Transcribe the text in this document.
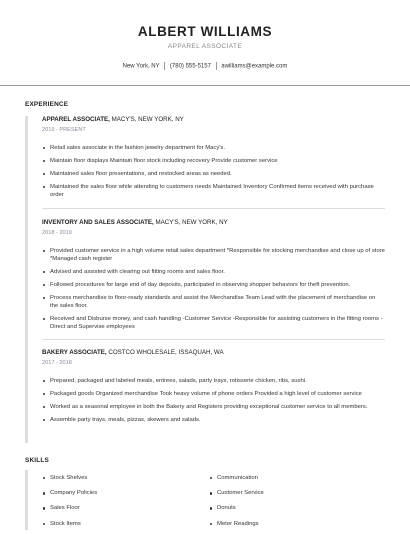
ALBERT WILLIAMS
APPAREL ASSOCIATE
New York, NY (780) 555-5157 awilliams@example.com
EXPERIENCE
APPAREL ASSOCIATE, MACY'S, NEW YORK, NY
2019 - PRESENT
Retail sales associate in the fashion jewelry department for Macy's.
Maintain floor displays Maintain floor stock including recovery Provide customer service
Maintained sales floor presentations, and restocked areas as needed.
Maintained the sales floor while attending to customers needs Maintained Inventory Confirmed items received with purchase order
INVENTORY AND SALES ASSOCIATE, MACY'S, NEW YORK, NY
2018 - 2019
Provided customer service in a high volume retail sales department *Responsible for stocking merchandise and close up of store *Managed cash register
Advised and assisted with clearing out fitting rooms and sales floor.
Followed procedures for large end of day deposits, participated in observing shopper behaviors for theft prevention.
Process merchandise to floor-ready standards and assist the Merchandise Team Lead with the placement of merchandise on the sales floor.
Received and Disburse money, and cash handling -Customer Service -Responsible for assisting customers in the fitting rooms -Direct and Supervise employees
BAKERY ASSOCIATE, COSTCO WHOLESALE, ISSAQUAH, WA
2017 - 2018
Prepared, packaged and labeled meals, entrees, salads, party trays, rotisserie chicken, ribs, sushi.
Packaged goods Organized merchandise Took heavy volume of phone orders Provided a high level of customer service
Worked as a seasonal employee in both the Bakery and Registers providing exceptional customer service to all members.
Assemble party trays, meals, pizzas, skewers and salads.
SKILLS
Stock Shelves
Company Policies
Sales Floor
Stock Items
Communication
Customer Service
Donuts
Meter Readings
